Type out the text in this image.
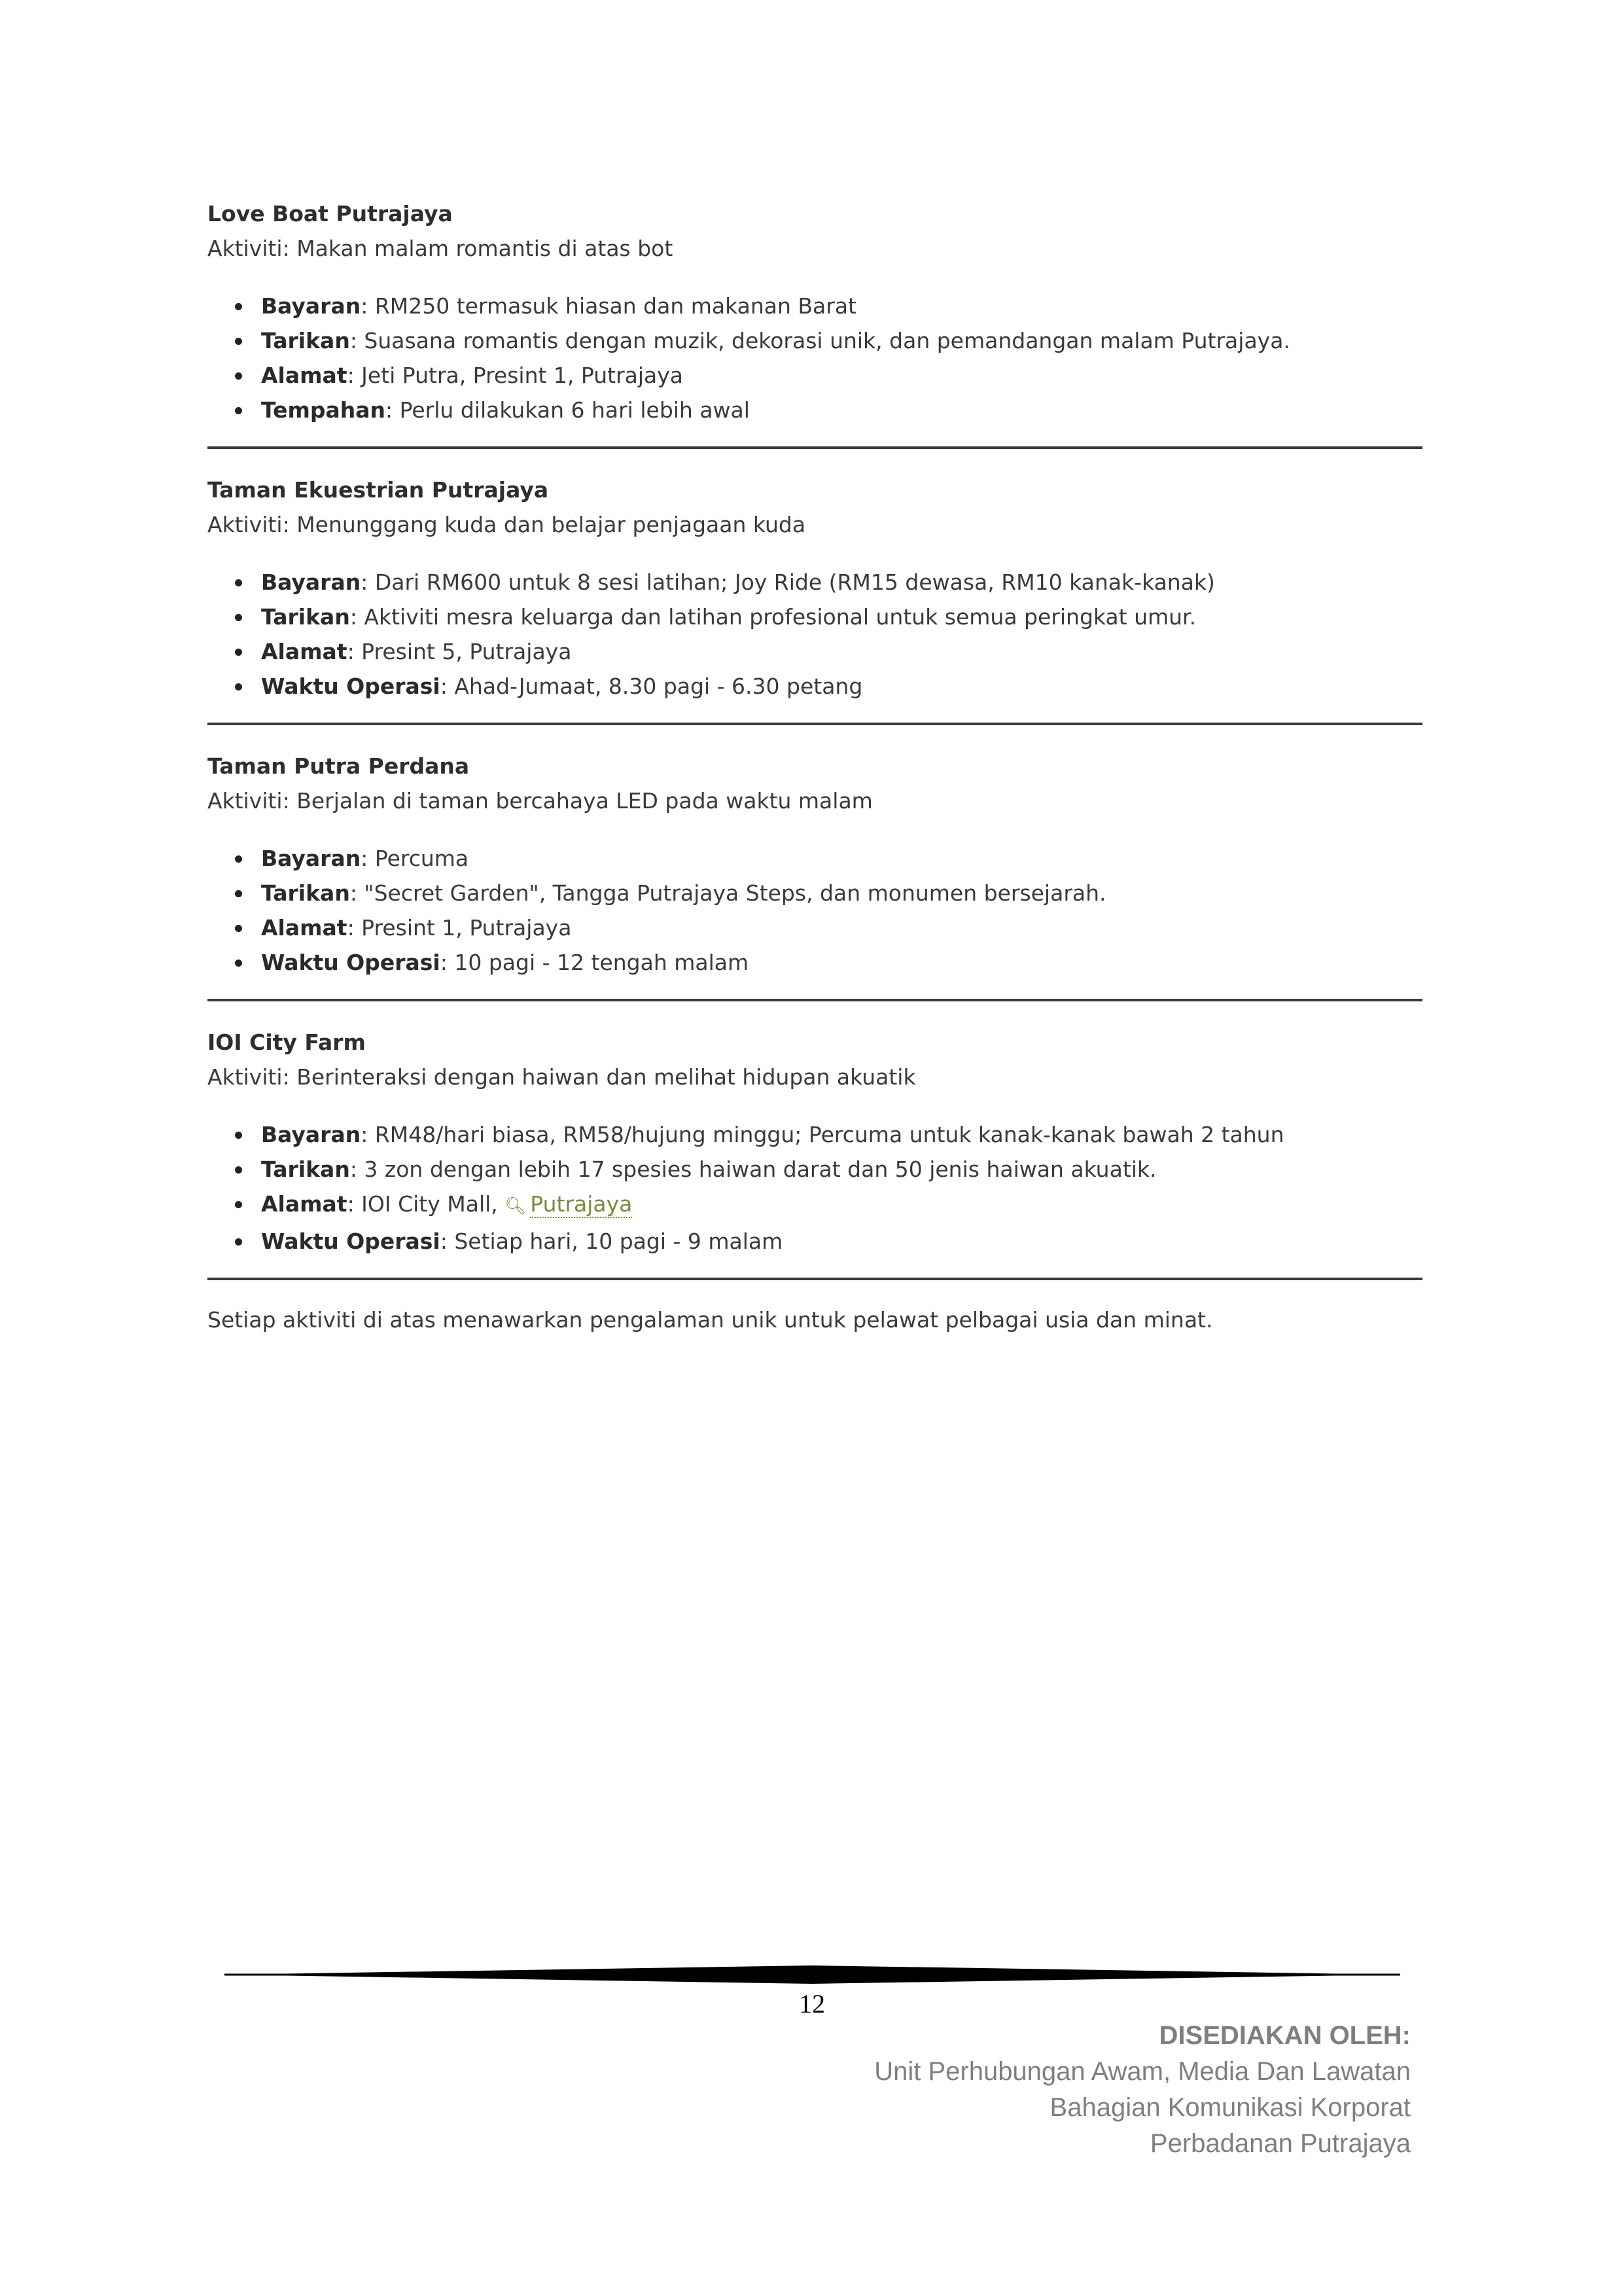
Love Boat Putrajaya

Aktiviti: Makan malam romantis di atas bot

Bayaran: RM250 termasuk hiasan dan makanan Barat
Tarikan: Suasana romantis dengan muzik, dekorasi unik, dan pemandangan malam Putrajaya.
Alamat: Jeti Putra, Presint 1, Putrajaya
Tempahan: Perlu dilakukan 6 hari lebih awal

Taman Ekuestrian Putrajaya

Aktiviti: Menunggang kuda dan belajar penjagaan kuda

Bayaran: Dari RM600 untuk 8 sesi latihan; Joy Ride (RM15 dewasa, RM10 kanak-kanak)
Tarikan: Aktiviti mesra keluarga dan latihan profesional untuk semua peringkat umur.
Alamat: Presint 5, Putrajaya
Waktu Operasi: Ahad-Jumaat, 8.30 pagi - 6.30 petang

Taman Putra Perdana

Aktiviti: Berjalan di taman bercahaya LED pada waktu malam

Bayaran: Percuma
Tarikan: "Secret Garden", Tangga Putrajaya Steps, dan monumen bersejarah.
Alamat: Presint 1, Putrajaya
Waktu Operasi: 10 pagi - 12 tengah malam

IOI City Farm

Aktiviti: Berinteraksi dengan haiwan dan melihat hidupan akuatik

Bayaran: RM48/hari biasa, RM58/hujung minggu; Percuma untuk kanak-kanak bawah 2 tahun
Tarikan: 3 zon dengan lebih 17 spesies haiwan darat dan 50 jenis haiwan akuatik.
Alamat: IOI City Mall, 🔍︎ Putrajaya
Waktu Operasi: Setiap hari, 10 pagi - 9 malam

Setiap aktiviti di atas menawarkan pengalaman unik untuk pelawat pelbagai usia dan minat.

12
DISEDIAKAN OLEH:
Unit Perhubungan Awam, Media Dan Lawatan
Bahagian Komunikasi Korporat
Perbadanan Putrajaya
